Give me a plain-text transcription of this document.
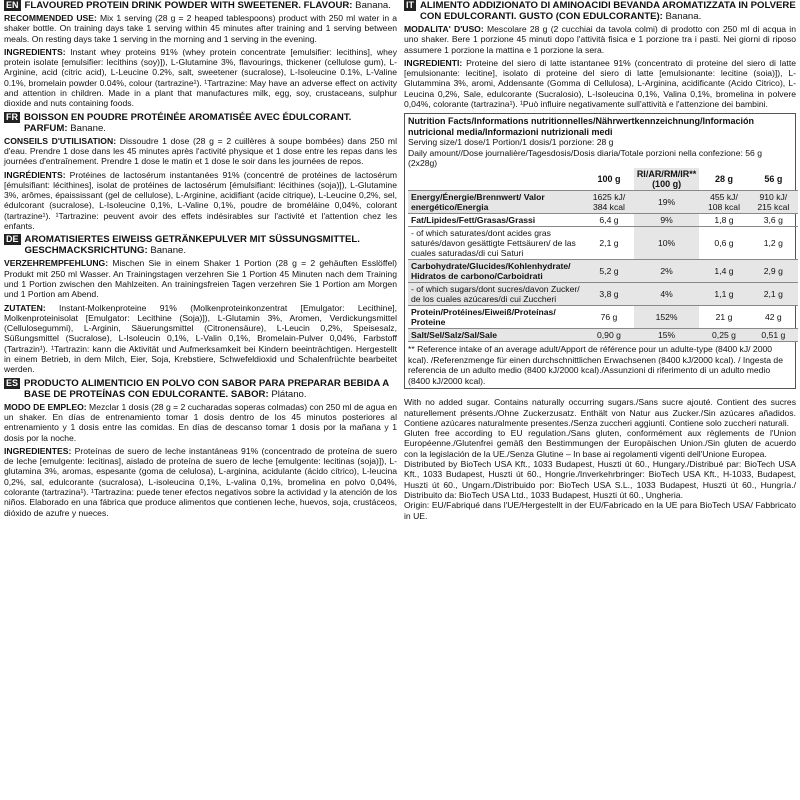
EN FLAVOURED PROTEIN DRINK POWDER WITH SWEETENER. FLAVOUR: Banana.
RECOMMENDED USE: Mix 1 serving (28 g = 2 heaped tablespoons) product with 250 ml water in a shaker bottle. On training days take 1 serving within 45 minutes after training and 1 serving between meals. On resting days take 1 serving in the morning and 1 serving in the evening.
INGREDIENTS: Instant whey proteins 91% (whey protein concentrate [emulsifier: lecithins], whey protein isolate [emulsifier: lecithins (soy)]), L-Glutamine 3%, flavourings, thickener (cellulose gum), L-Arginine, acid (citric acid), L-Leucine 0.2%, salt, sweetener (sucralose), L-Isoleucine 0.1%, L-Valine 0.1%, bromelain powder 0.04%, colour (tartrazine¹). ¹Tartrazine: May have an adverse effect on activity and attention in children. Made in a plant that manufactures milk, egg, soy, crustaceans, sulphur dioxide and nuts containing foods.
FR BOISSON EN POUDRE PROTÉINÉE AROMATISÉE AVEC ÉDULCORANT. PARFUM: Banane.
CONSEILS D'UTILISATION: Dissoudre 1 dose (28 g = 2 cuillères à soupe bombées) dans 250 ml d'eau. Prendre 1 dose dans les 45 minutes après l'activité physique et 1 dose entre les repas dans les journées d'entraînement. Prendre 1 dose le matin et 1 dose le soir dans les journées de repos.
INGRÉDIENTS: Protéines de lactosérum instantanées 91% (concentré de protéines de lactosérum [émulsifiant: lécithines], isolat de protéines de lactosérum [émulsifiant: lécithines (soja)]), L-Glutamine 3%, arômes, épaississant (gel de cellulose), L-Arginine, acidifiant (acide citrique), L-Leucine 0,2%, sel, édulcorant (sucralose), L-Isoleucine 0,1%, L-Valine 0,1%, poudre de broméláine 0,04%, colorant (tartrazine¹). ¹Tartrazine: peuvent avoir des effets indésirables sur l'activité et l'attention chez les enfants.
DE AROMATISIERTES EIWEISS GETRÄNKEPULVER MIT SÜSSUNGSMITTEL. GESCHMACKSRICHTUNG: Banane.
VERZEHREMPFEHLUNG: Mischen Sie in einem Shaker 1 Portion (28 g = 2 gehäuften Esslöffel) Produkt mit 250 ml Wasser. An Trainingstagen verzehren Sie 1 Portion 45 Minuten nach dem Training und 1 Portion zwischen den Mahlzeiten. An trainingsfreien Tagen verzehren Sie 1 Portion am Morgen und 1 Portion am Abend.
ZUTATEN: Instant-Molkenproteine 91% (Molkenproteinkonzentrat [Emulgator: Lecithine], Molkenproteinisolat [Emulgator: Lecithine (Soja)]), L-Glutamin 3%, Aromen, Verdickungsmittel (Cellulosegummi), L-Arginin, Säuerungsmittel (Citronensäure), L-Leucin 0,2%, Speisesalz, Süßungsmittel (Sucralose), L-Isoleucin 0,1%, L-Valin 0,1%, Bromelain-Pulver 0,04%, Farbstoff (Tartrazin¹). ¹Tartrazin: kann die Aktivität und Aufmerksamkeit bei Kindern beeinträchtigen. Hergestellt in einem Betrieb, in dem Milch, Eier, Soja, Krebstiere, Schwefeldioxid und Schalenfrüchte bearbeitet werden.
ES PRODUCTO ALIMENTICIO EN POLVO CON SABOR PARA PREPARAR BEBIDA A BASE DE PROTEÍNAS CON EDULCORANTE. SABOR: Plátano.
MODO DE EMPLEO: Mezclar 1 dosis (28 g = 2 cucharadas soperas colmadas) con 250 ml de agua en un shaker. En días de entrenamiento tomar 1 dosis dentro de los 45 minutos posteriores al entrenamiento y 1 dosis entre las comidas. En días de descanso tomar 1 dosis por la mañana y 1 dosis por la noche.
INGREDIENTES: Proteínas de suero de leche instantáneas 91% (concentrado de proteína de suero de leche [emulgente: lecitinas], aislado de proteína de suero de leche [emulgente: lecitinas (soja)]), L-glutamina 3%, aromas, espesante (goma de celulosa), L-arginina, acidulante (ácido cítrico), L-leucina 0,2%, sal, edulcorante (sucralosa), L-isoleucina 0,1%, L-valina 0,1%, bromelina en polvo 0,04%, colorante (tartrazina¹). ¹Tartrazina: puede tener efectos negativos sobre la actividad y la atención de los niños. Elaborado en una fábrica que produce alimentos que contienen leche, huevos, soja, crustáceos, dióxido de azufre y nueces.
IT ALIMENTO ADDIZIONATO DI AMINOACIDI BEVANDA AROMATIZZATA IN POLVERE CON EDULCORANTI. GUSTO (CON EDULCORANTE): Banana.
MODALITA' D'USO: Mescolare 28 g (2 cucchiai da tavola colmi) di prodotto con 250 ml di acqua in uno shaker. Bere 1 porzione 45 minuti dopo l'attività fisica e 1 porzione tra i pasti. Nei giorni di riposo assumere 1 porzione la mattina e 1 porzione la sera.
INGREDIENTI: Proteine del siero di latte istantanee 91% (concentrato di proteine del siero di latte [emulsionante: lecitine], isolato di proteine del siero di latte [emulsionante: lecitine (soia)]), L-Glutammina 3%, aromi, Addensante (Gomma di Cellulosa), L-Arginina, acidificante (Acido Citrico), L-Leucina 0,2%, Sale, edulcorante (Sucralosio), L-Isoleucina 0,1%, Valina 0,1%, bromelina in polvere 0,04%, colorante (tartrazina¹). ¹Può influire negativamente sull'attività e l'attenzione dei bambini.
Nutrition Facts/Informations nutritionnelles/Nährwertkennzeichnung/Información nutricional media/Informazioni nutrizionali medi
Serving size/1 dose/1 Portion/1 dosis/1 porzione: 28 g
Daily amount//Dose journalière/Tagesdosis/Dosis diaria/Totale porzioni nella confezione: 56 g (2x28g)
	100 g	RI/AR/RM/IR** (100 g)	28 g	56 g
Energy/Énergie/Brennwert/ Valor energético/Energia	1625 kJ/ 384 kcal	19%	455 kJ/ 108 kcal	910 kJ/ 215 kcal
Fat/Lipides/Fett/Grasas/Grassi	6,4 g	9%	1,8 g	3,6 g
- of which saturates/dont acides gras saturés/davon gesättigte Fettsäuren/ de las cuales saturadas/di cui Saturi	2,1 g	10%	0,6 g	1,2 g
Carbohydrate/Glucides/Kohlenhydrate/ Hidratos de carbono/Carboidrati	5,2 g	2%	1,4 g	2,9 g
- of which sugars/dont sucres/davon Zucker/ de los cuales azúcares/di cui Zuccheri	3,8 g	4%	1,1 g	2,1 g
Protein/Protéines/Eiweiß/Proteínas/ Proteine	76 g	152%	21 g	42 g
Salt/Sel/Salz/Sal/Sale	0,90 g	15%	0,25 g	0,51 g
** Reference intake of an average adult/Apport de référence pour un adulte-type (8400 kJ/ 2000 kcal). /Referenzmenge für einen durchschnittlichen Erwachsenen (8400 kJ/2000 kcal). / Ingesta de referencia de un adulto medio (8400 kJ/2000 kcal)./Assunzioni di riferimento di un adulto medio (8400 kJ/2000 kcal).
With no added sugar. Contains naturally occurring sugars./Sans sucre ajouté. Contient des sucres naturellement présents./Ohne Zuckerzusatz. Enthält von Natur aus Zucker./Sin azúcares añadidos. Contiene azúcares naturalmente presentes./Senza zuccheri aggiunti. Contiene solo zuccheri naturali.
Gluten free according to EU regulation./Sans gluten, conformément aux règlements de l'Union Européenne./Glutenfrei gemäß den Bestimmungen der Europäischen Union./Sin gluten de acuerdo con la legislación de la UE./Senza Glutine – In base ai regolamenti vigenti dell'Unione Europea.
Distributed by BioTech USA Kft., 1033 Budapest, Huszti út 60., Hungary./Distribué par: BioTech USA Kft., 1033 Budapest, Huszti út 60., Hongrie./Inverkehrbringer: BioTech USA Kft., H-1033, Budapest, Huszti út 60., Ungarn./Distribuido por: BioTech USA S.L., 1033 Budapest, Huszti út 60., Hungría./ Distribuito da: BioTech USA Ltd., 1033 Budapest, Huszti út 60., Ungheria.
Origin: EU/Fabriqué dans l'UE/Hergestellt in der EU/Fabricado en la UE para BioTech USA/ Fabbricato in UE.
